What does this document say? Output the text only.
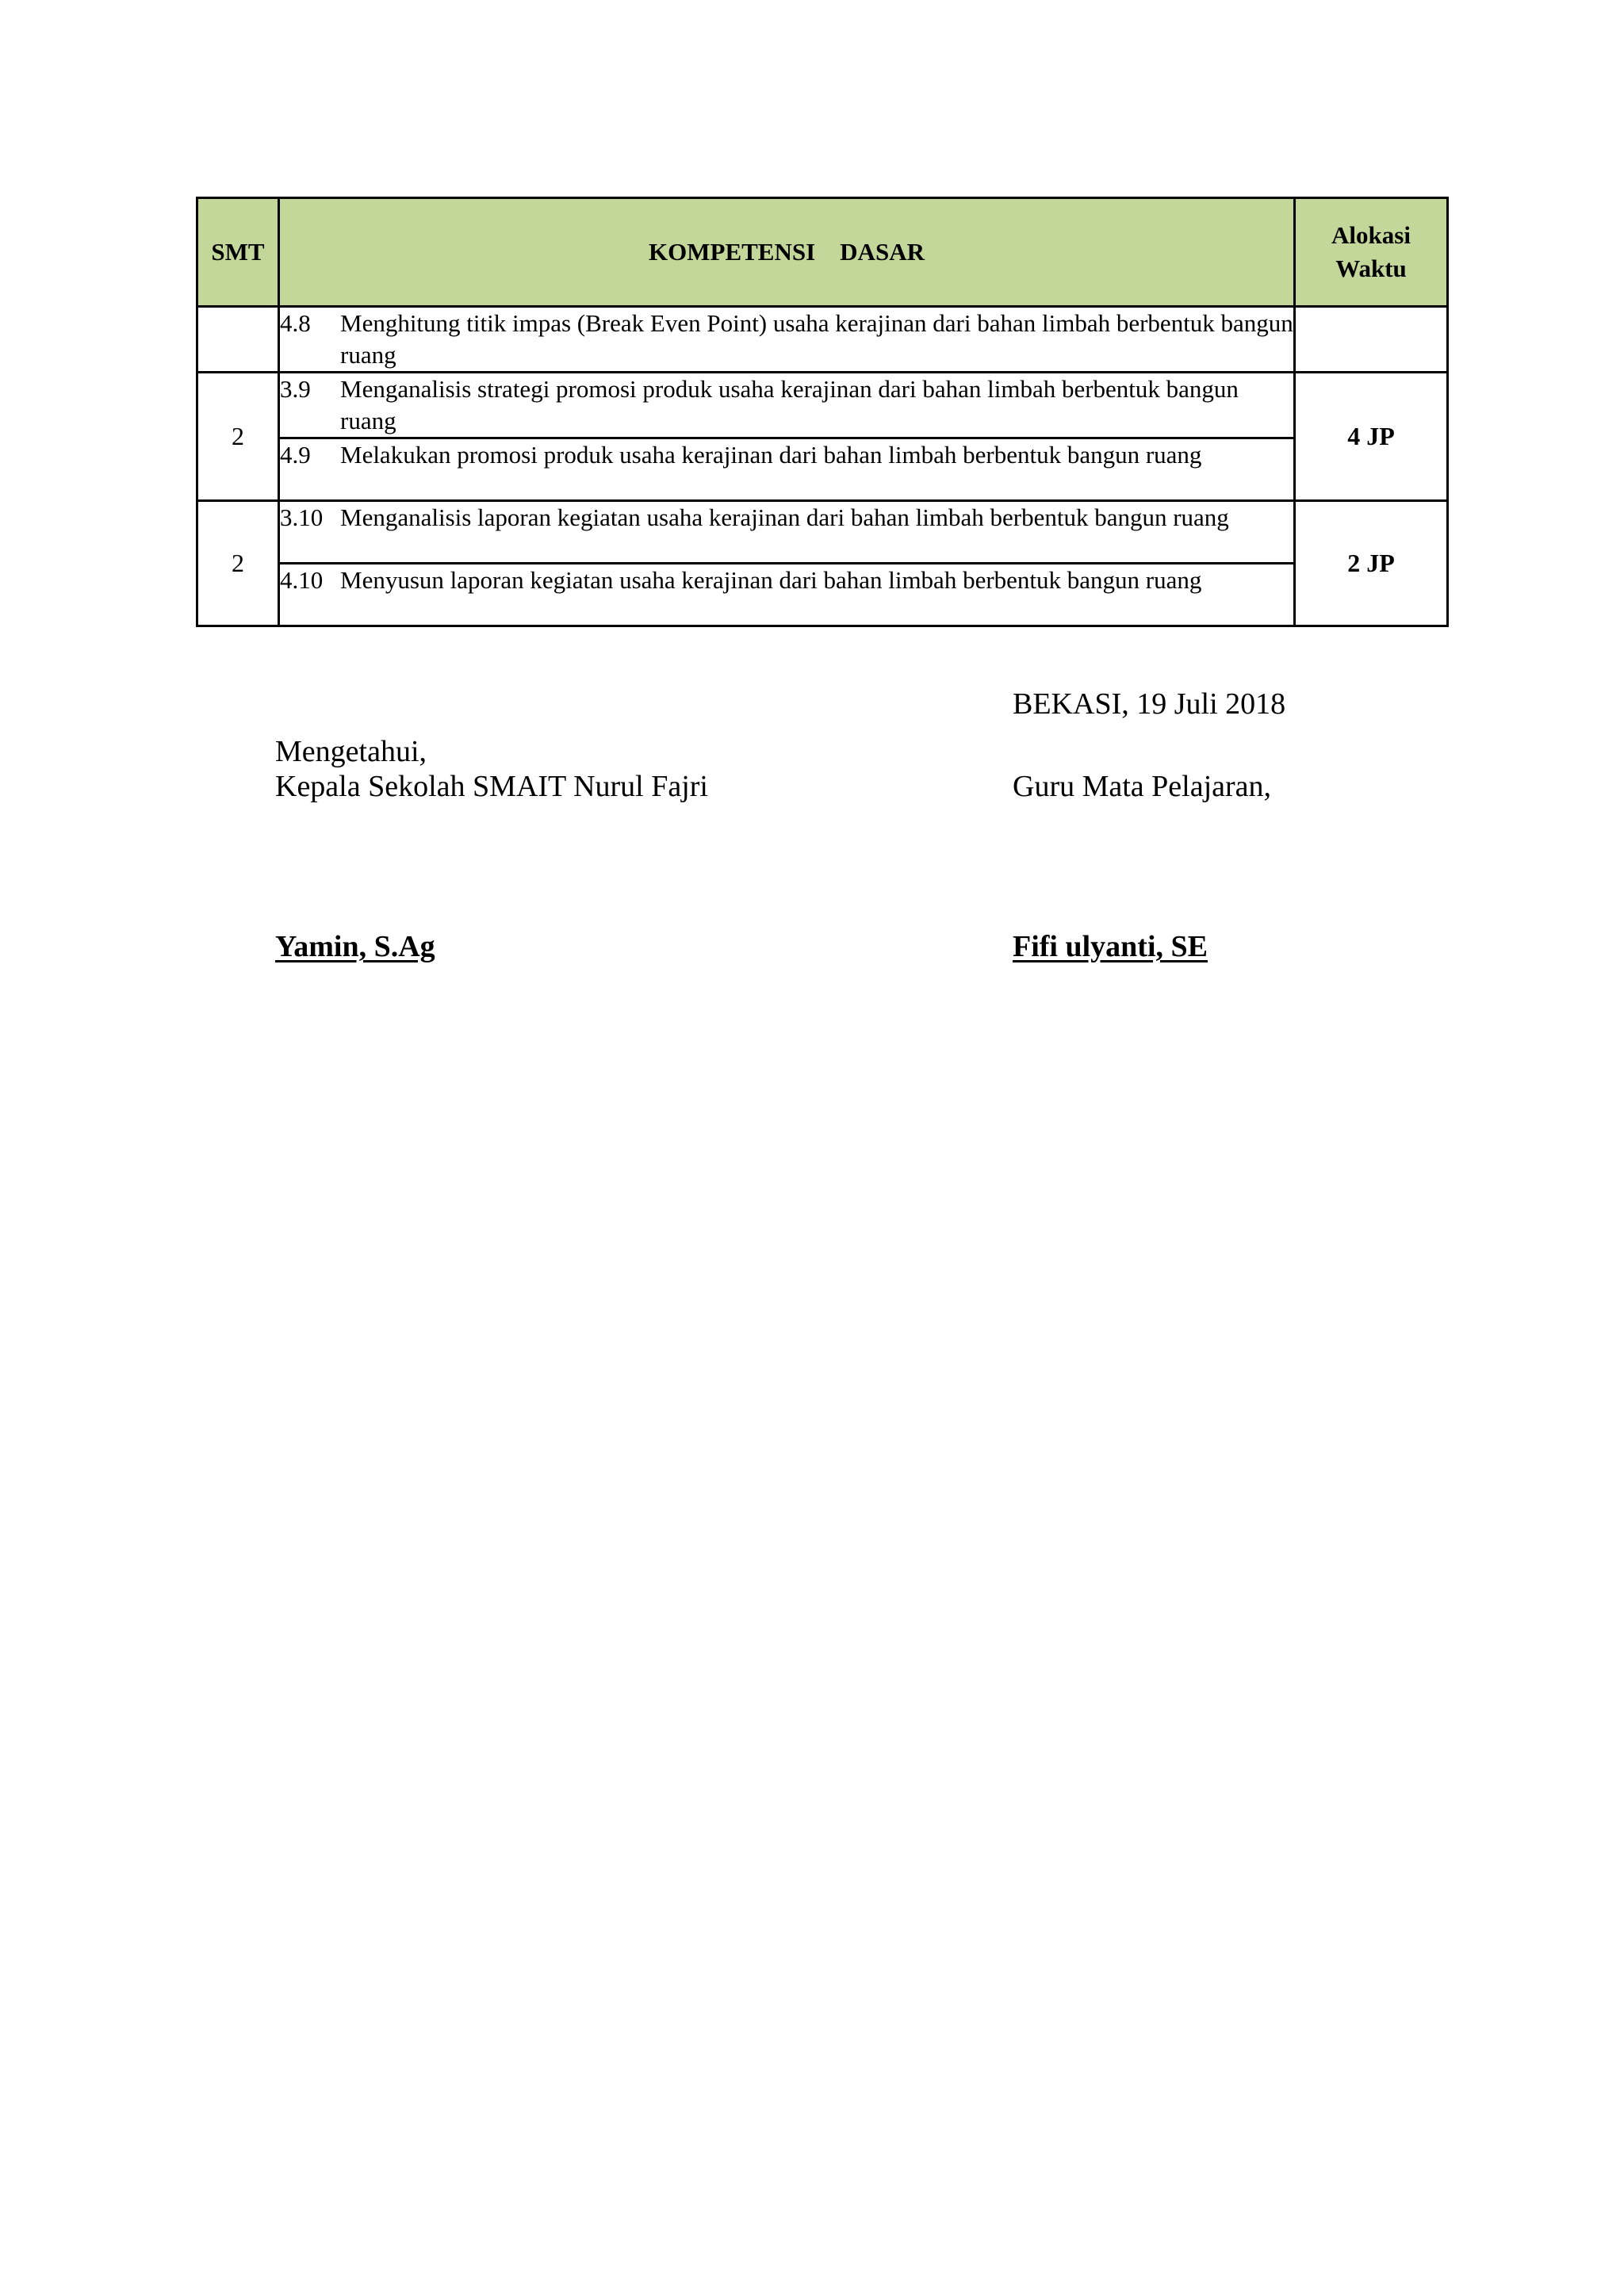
SMT	KOMPETENSI    DASAR	Alokasi
Waktu

	4.8 Menghitung titik impas (Break Even Point) usaha kerajinan dari bahan limbah berbentuk bangun ruang	

2	3.9 Menganalisis strategi promosi produk usaha kerajinan dari bahan limbah berbentuk bangun ruang	4 JP

	4.9 Melakukan promosi produk usaha kerajinan dari bahan limbah berbentuk bangun ruang	

2	3.10 Menganalisis laporan kegiatan usaha kerajinan dari bahan limbah berbentuk bangun ruang	2 JP

	4.10 Menyusun laporan kegiatan usaha kerajinan dari bahan limbah berbentuk bangun ruang	
BEKASI, 19 Juli 2018
Mengetahui,
Kepala Sekolah SMAIT Nurul Fajri	Guru Mata Pelajaran,
Yamin, S.Ag	Fifi ulyanti, SE
